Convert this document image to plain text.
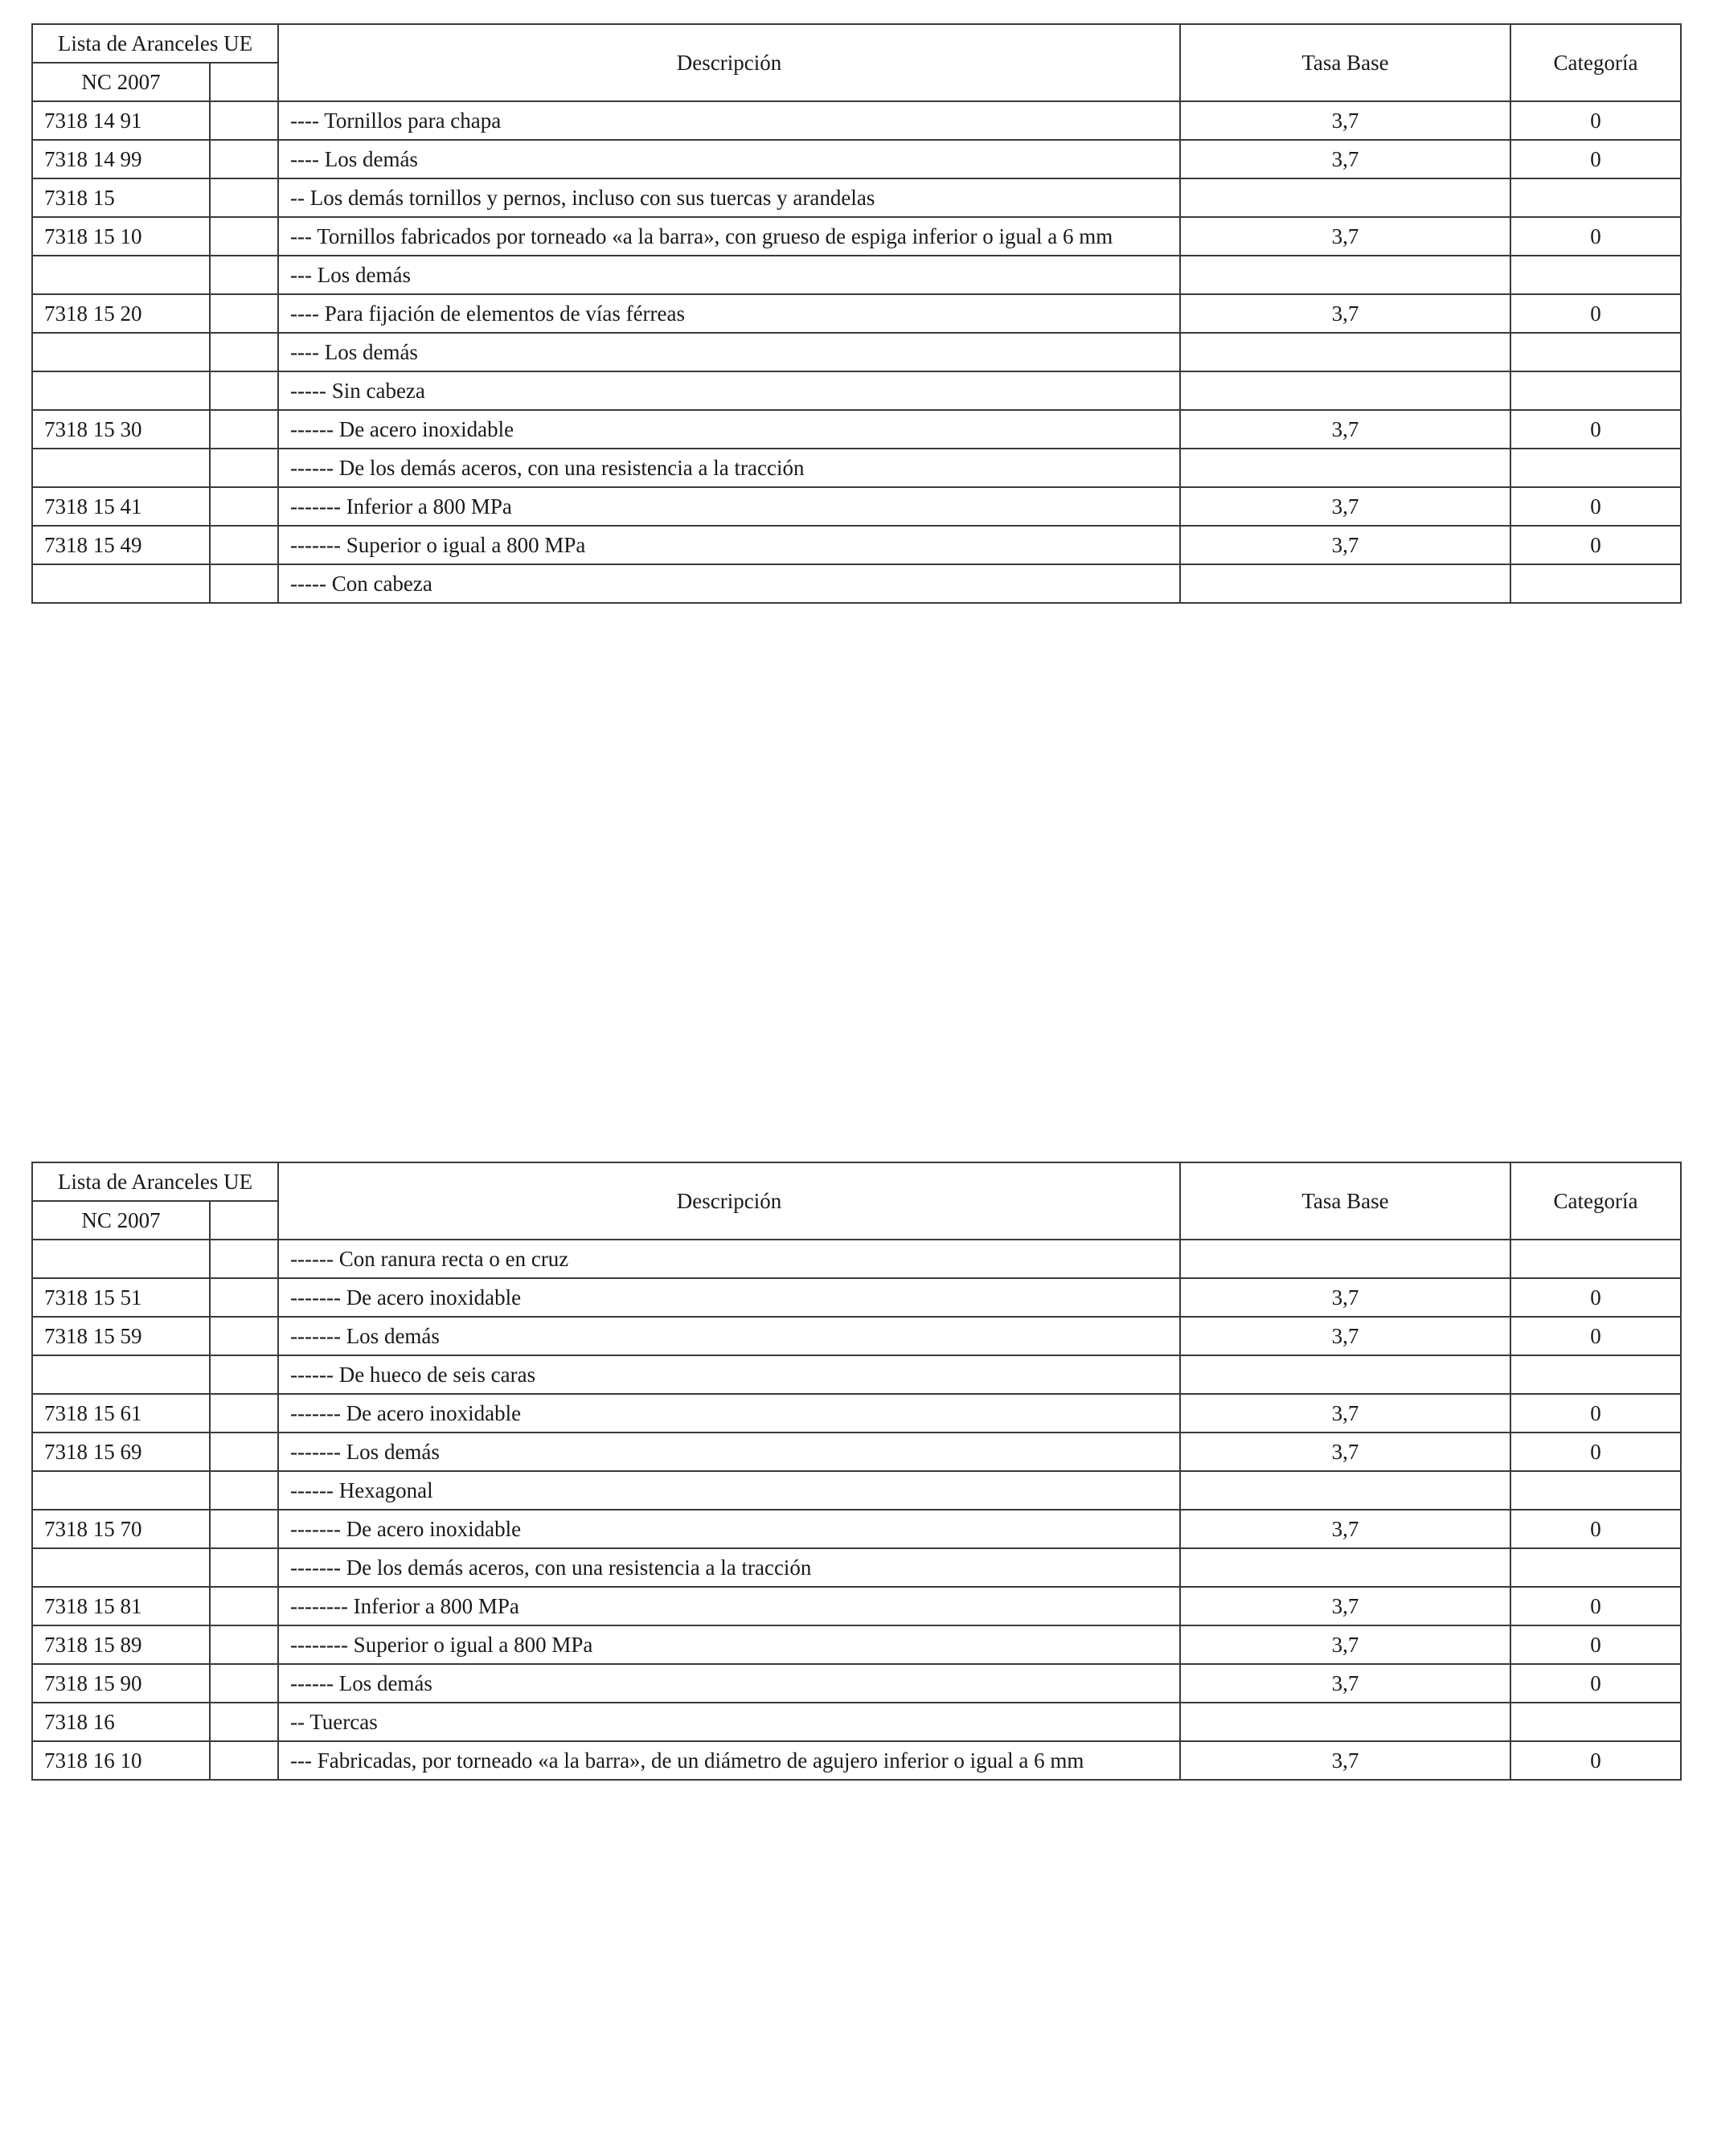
Lista de Aranceles UE		Descripción	Tasa Base	Categoría
NC 2007				
7318 14 91		---- Tornillos para chapa	3,7	0
7318 14 99		---- Los demás	3,7	0
7318 15		-- Los demás tornillos y pernos, incluso con sus tuercas y arandelas		
7318 15 10		--- Tornillos fabricados por torneado «a la barra», con grueso de espiga inferior o igual a 6 mm	3,7	0
		--- Los demás		
7318 15 20		---- Para fijación de elementos de vías férreas	3,7	0
		---- Los demás		
		----- Sin cabeza		
7318 15 30		------ De acero inoxidable	3,7	0
		------ De los demás aceros, con una resistencia a la tracción		
7318 15 41		------- Inferior a 800 MPa	3,7	0
7318 15 49		------- Superior o igual a 800 MPa	3,7	0
		----- Con cabeza		
Lista de Aranceles UE		Descripción	Tasa Base	Categoría
NC 2007				
		------ Con ranura recta o en cruz		
7318 15 51		------- De acero inoxidable	3,7	0
7318 15 59		------- Los demás	3,7	0
		------ De hueco de seis caras		
7318 15 61		------- De acero inoxidable	3,7	0
7318 15 69		------- Los demás	3,7	0
		------ Hexagonal		
7318 15 70		------- De acero inoxidable	3,7	0
		------- De los demás aceros, con una resistencia a la tracción		
7318 15 81		-------- Inferior a 800 MPa	3,7	0
7318 15 89		-------- Superior o igual a 800 MPa	3,7	0
7318 15 90		------ Los demás	3,7	0
7318 16		-- Tuercas		
7318 16 10		--- Fabricadas, por torneado «a la barra», de un diámetro de agujero inferior o igual a 6 mm	3,7	0
